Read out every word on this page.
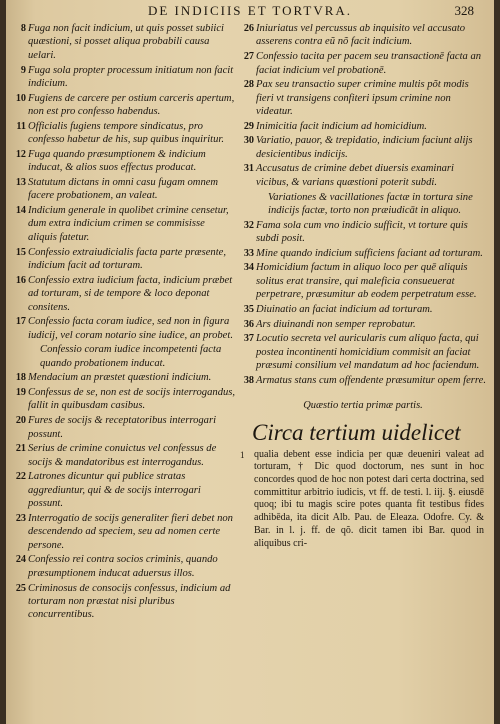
DE INDICIIS ET TORTVRA.	328
8 Fuga non facit indicium, ut quis posset subiici quæstioni, si posset aliqua probabili causa uelari.
9 Fuga sola propter processum initiatum non facit indicium.
10 Fugiens de carcere per ostium carceris apertum, non est pro confesso habendus.
11 Officialis fugiens tempore sindicatus, pro confesso habetur de his, sup quibus inquiritur.
12 Fuga quando præsumptionem & indicium inducat, & alios suos effectus producat.
13 Statutum dictans in omni casu fugam omnem facere probationem, an valeat.
14 Indicium generale in quolibet crimine censetur, dum extra indicium crimen se commisisse aliquis fatetur.
15 Confessio extraiudicialis facta parte præsente, indicium facit ad torturam.
16 Confessio extra iudicium facta, indicium præbet ad torturam, si de tempore & loco deponat consitens.
17 Confessio facta coram iudice, sed non in figura iudicij, vel coram notario sine iudice, an probet.
Confessio coram iudice incompetenti facta quando probationem inducat.
18 Mendacium an præstet quæstioni indicium.
19 Confessus de se, non est de socijs interrogandus, fallit in quibusdam casibus.
20 Fures de socijs & receptatoribus interrogari possunt.
21 Serius de crimine conuictus vel confessus de socijs & mandatoribus est interrogandus.
22 Latrones dicuntur qui publice stratas aggrediuntur, qui & de socijs interrogari possunt.
23 Interrogatio de socijs generaliter fieri debet non descendendo ad speciem, seu ad nomen certe persone.
24 Confessio rei contra socios criminis, quando præsumptionem inducat aduersus illos.
25 Criminosus de consocijs confessus, indicium ad torturam non præstat nisi pluribus concurrentibus.
26 Iniuriatus vel percussus ab inquisito vel accusato asserens contra eũ nõ facit indicium.
27 Confessio tacita per pacem seu transactionē facta an faciat indicium vel probationē.
28 Pax seu transactio super crimine multis põt modis fieri vt transigens confiteri ipsum crimine non videatur.
29 Inimicitia facit indicium ad homicidium.
30 Variatio, pauor, & trepidatio, indicium faciunt alijs desicientibus indicijs.
31 Accusatus de crimine debet diuersis examinari vicibus, & varians quæstioni poterit subdi.
Variationes & vacillationes factæ in tortura sine indicijs factæ, torto non præiudicāt in aliquo.
32 Fama sola cum vno indicio sufficit, vt torture quis subdi posit.
33 Mine quando indicium sufficiens faciant ad torturam.
34 Homicidium factum in aliquo loco per quē aliquis solitus erat transire, qui maleficia consueuerat perpetrare, præsumitur ab eodem perpetratum esse.
35 Diuinatio an faciat indicium ad torturam.
36 Ars diuinandi non semper reprobatur.
37 Locutio secreta vel auricularis cum aliquo facta, qui postea incontinenti homicidium commisit an faciat præsumi consilium vel mandatum ad hoc faciendum.
38 Armatus stans cum offendente præsumitur opem ferre.
Quæstio tertia primæ partis.
Circa tertium uidelicet

1 qualia debent esse indicia per quæ deueniri valeat ad torturam, † Dic quod doctorum, nes sunt in hoc concordes quod de hoc non potest dari certa doctrina, sed committitur arbitrio iudicis, vt ff. de testi. l. iij. §. eiusdē quoq; ibi tu magis scire potes quanta fit testibus fides adhibēda, ita dicit Alb. Pau. de Eleaza. Odofre. Cy. & Bar. in l. j. ff. de qõ. dicit tamen ibi Bar. quod in aliquibus cri-
